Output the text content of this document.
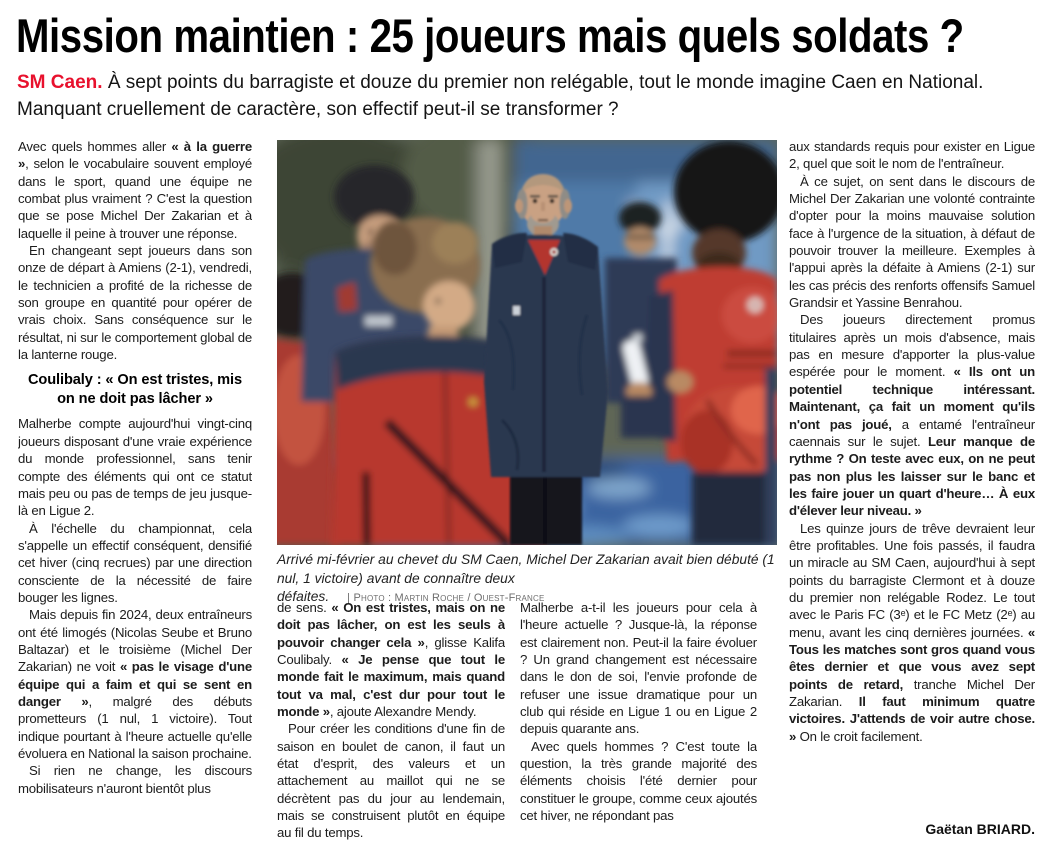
Mission maintien : 25 joueurs mais quels soldats ?

SM Caen. À sept points du barragiste et douze du premier non relégable, tout le monde imagine Caen en National. Manquant cruellement de caractère, son effectif peut-il se transformer ?

Arrivé mi-février au chevet du SM Caen, Michel Der Zakarian avait bien débuté (1 nul, 1 victoire) avant de connaître deux défaites. | Photo : Martin Roche / Ouest-France

Avec quels hommes aller « à la guerre », selon le vocabulaire souvent employé dans le sport, quand une équipe ne combat plus vraiment ? C'est la question que se pose Michel Der Zakarian et à laquelle il peine à trouver une réponse.

En changeant sept joueurs dans son onze de départ à Amiens (2-1), vendredi, le technicien a profité de la richesse de son groupe en quantité pour opérer de vrais choix. Sans conséquence sur le résultat, ni sur le comportement global de la lanterne rouge.

Coulibaly : « On est tristes, mis on ne doit pas lâcher »

Malherbe compte aujourd'hui vingt-cinq joueurs disposant d'une vraie expérience du monde professionnel, sans tenir compte des éléments qui ont ce statut mais peu ou pas de temps de jeu jusque-là en Ligue 2.

À l'échelle du championnat, cela s'appelle un effectif conséquent, densifié cet hiver (cinq recrues) par une direction consciente de la nécessité de faire bouger les lignes.

Mais depuis fin 2024, deux entraîneurs ont été limogés (Nicolas Seube et Bruno Baltazar) et le troisième (Michel Der Zakarian) ne voit « pas le visage d'une équipe qui a faim et qui se sent en danger », malgré des débuts prometteurs (1 nul, 1 victoire). Tout indique pourtant à l'heure actuelle qu'elle évoluera en National la saison prochaine.

Si rien ne change, les discours mobilisateurs n'auront bientôt plus

de sens. « On est tristes, mais on ne doit pas lâcher, on est les seuls à pouvoir changer cela », glisse Kalifa Coulibaly. « Je pense que tout le monde fait le maximum, mais quand tout va mal, c'est dur pour tout le monde », ajoute Alexandre Mendy.

Pour créer les conditions d'une fin de saison en boulet de canon, il faut un état d'esprit, des valeurs et un attachement au maillot qui ne se décrètent pas du jour au lendemain, mais se construisent plutôt en équipe au fil du temps.

Malherbe a-t-il les joueurs pour cela à l'heure actuelle ? Jusque-là, la réponse est clairement non. Peut-il la faire évoluer ? Un grand changement est nécessaire dans le don de soi, l'envie profonde de refuser une issue dramatique pour un club qui réside en Ligue 1 ou en Ligue 2 depuis quarante ans.

Avec quels hommes ? C'est toute la question, la très grande majorité des éléments choisis l'été dernier pour constituer le groupe, comme ceux ajoutés cet hiver, ne répondant pas

aux standards requis pour exister en Ligue 2, quel que soit le nom de l'entraîneur.

À ce sujet, on sent dans le discours de Michel Der Zakarian une volonté contrainte d'opter pour la moins mauvaise solution face à l'urgence de la situation, à défaut de pouvoir trouver la meilleure. Exemples à l'appui après la défaite à Amiens (2-1) sur les cas précis des renforts offensifs Samuel Grandsir et Yassine Benrahou.

Des joueurs directement promus titulaires après un mois d'absence, mais pas en mesure d'apporter la plus-value espérée pour le moment. « Ils ont un potentiel technique intéressant. Maintenant, ça fait un moment qu'ils n'ont pas joué, a entamé l'entraîneur caennais sur le sujet. Leur manque de rythme ? On teste avec eux, on ne peut pas non plus les laisser sur le banc et les faire jouer un quart d'heure… À eux d'élever leur niveau. »

Les quinze jours de trêve devraient leur être profitables. Une fois passés, il faudra un miracle au SM Caen, aujourd'hui à sept points du barragiste Clermont et à douze du premier non relégable Rodez. Le tout avec le Paris FC (3ᵉ) et le FC Metz (2ᵉ) au menu, avant les cinq dernières journées. « Tous les matches sont gros quand vous êtes dernier et que vous avez sept points de retard, tranche Michel Der Zakarian. Il faut minimum quatre victoires. J'attends de voir autre chose. » On le croit facilement.

Gaëtan BRIARD.
